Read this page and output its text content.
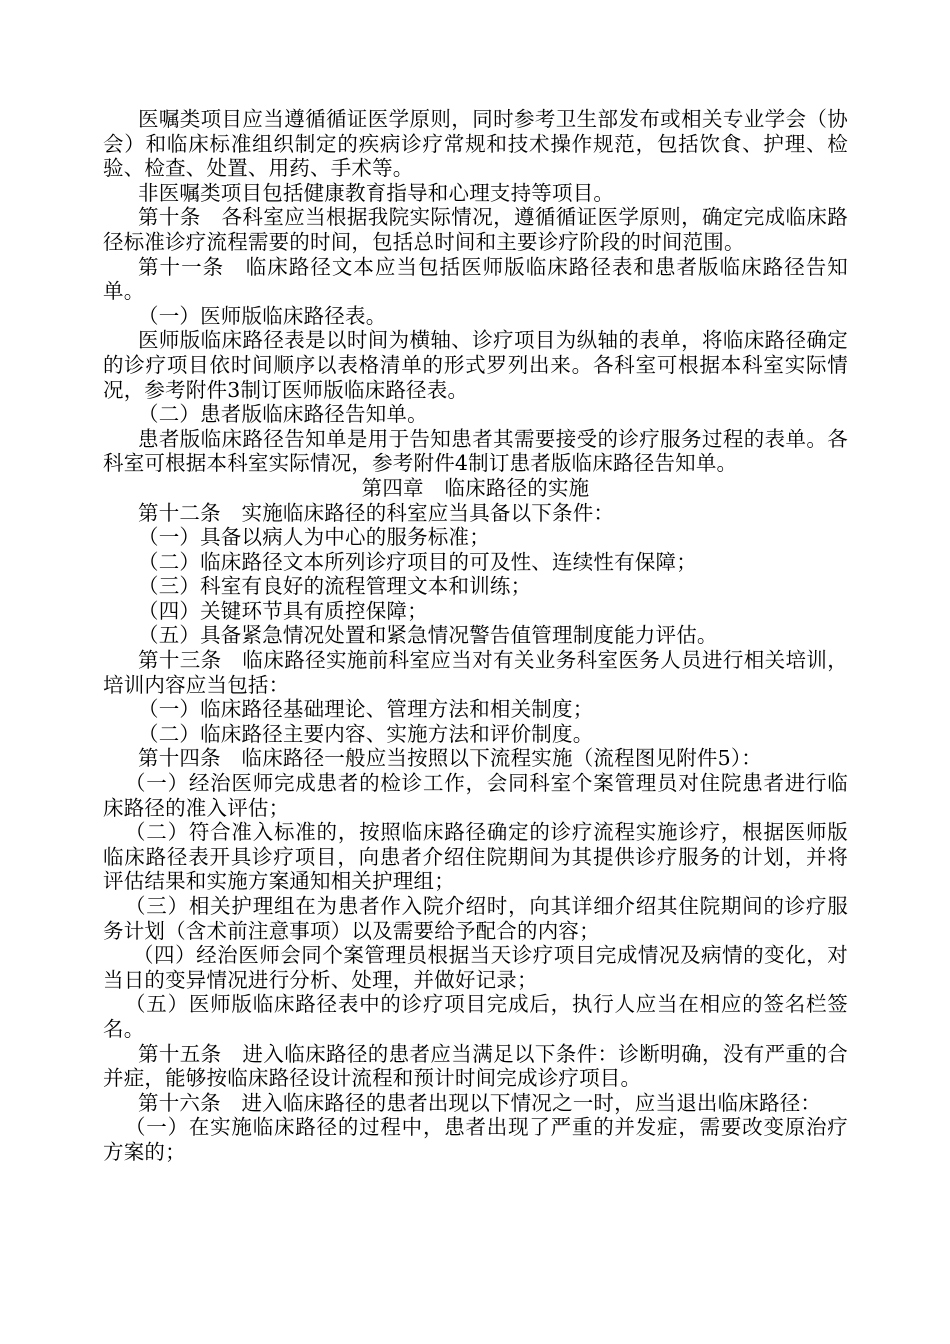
医嘱类项目应当遵循循证医学原则，同时参考卫生部发布或相关专业学会（协会）和临床标准组织制定的疾病诊疗常规和技术操作规范，包括饮食、护理、检验、检查、处置、用药、手术等。

非医嘱类项目包括健康教育指导和心理支持等项目。

第十条　各科室应当根据我院实际情况，遵循循证医学原则，确定完成临床路径标准诊疗流程需要的时间，包括总时间和主要诊疗阶段的时间范围。

第十一条　临床路径文本应当包括医师版临床路径表和患者版临床路径告知单。

（一）医师版临床路径表。

医师版临床路径表是以时间为横轴、诊疗项目为纵轴的表单，将临床路径确定的诊疗项目依时间顺序以表格清单的形式罗列出来。各科室可根据本科室实际情况，参考附件3制订医师版临床路径表。

（二）患者版临床路径告知单。

患者版临床路径告知单是用于告知患者其需要接受的诊疗服务过程的表单。各科室可根据本科室实际情况，参考附件4制订患者版临床路径告知单。

第四章　临床路径的实施

第十二条　实施临床路径的科室应当具备以下条件：

（一）具备以病人为中心的服务标准；

（二）临床路径文本所列诊疗项目的可及性、连续性有保障；

（三）科室有良好的流程管理文本和训练；

（四）关键环节具有质控保障；

（五）具备紧急情况处置和紧急情况警告值管理制度能力评估。

第十三条　临床路径实施前科室应当对有关业务科室医务人员进行相关培训，培训内容应当包括：

（一）临床路径基础理论、管理方法和相关制度；

（二）临床路径主要内容、实施方法和评价制度。

第十四条　临床路径一般应当按照以下流程实施（流程图见附件5）：

（一）经治医师完成患者的检诊工作，会同科室个案管理员对住院患者进行临床路径的准入评估；

（二）符合准入标准的，按照临床路径确定的诊疗流程实施诊疗，根据医师版临床路径表开具诊疗项目，向患者介绍住院期间为其提供诊疗服务的计划，并将评估结果和实施方案通知相关护理组；

（三）相关护理组在为患者作入院介绍时，向其详细介绍其住院期间的诊疗服务计划（含术前注意事项）以及需要给予配合的内容；

（四）经治医师会同个案管理员根据当天诊疗项目完成情况及病情的变化，对当日的变异情况进行分析、处理，并做好记录；

（五）医师版临床路径表中的诊疗项目完成后，执行人应当在相应的签名栏签名。

第十五条　进入临床路径的患者应当满足以下条件：诊断明确，没有严重的合并症，能够按临床路径设计流程和预计时间完成诊疗项目。

第十六条　进入临床路径的患者出现以下情况之一时，应当退出临床路径：

（一）在实施临床路径的过程中，患者出现了严重的并发症，需要改变原治疗方案的；
